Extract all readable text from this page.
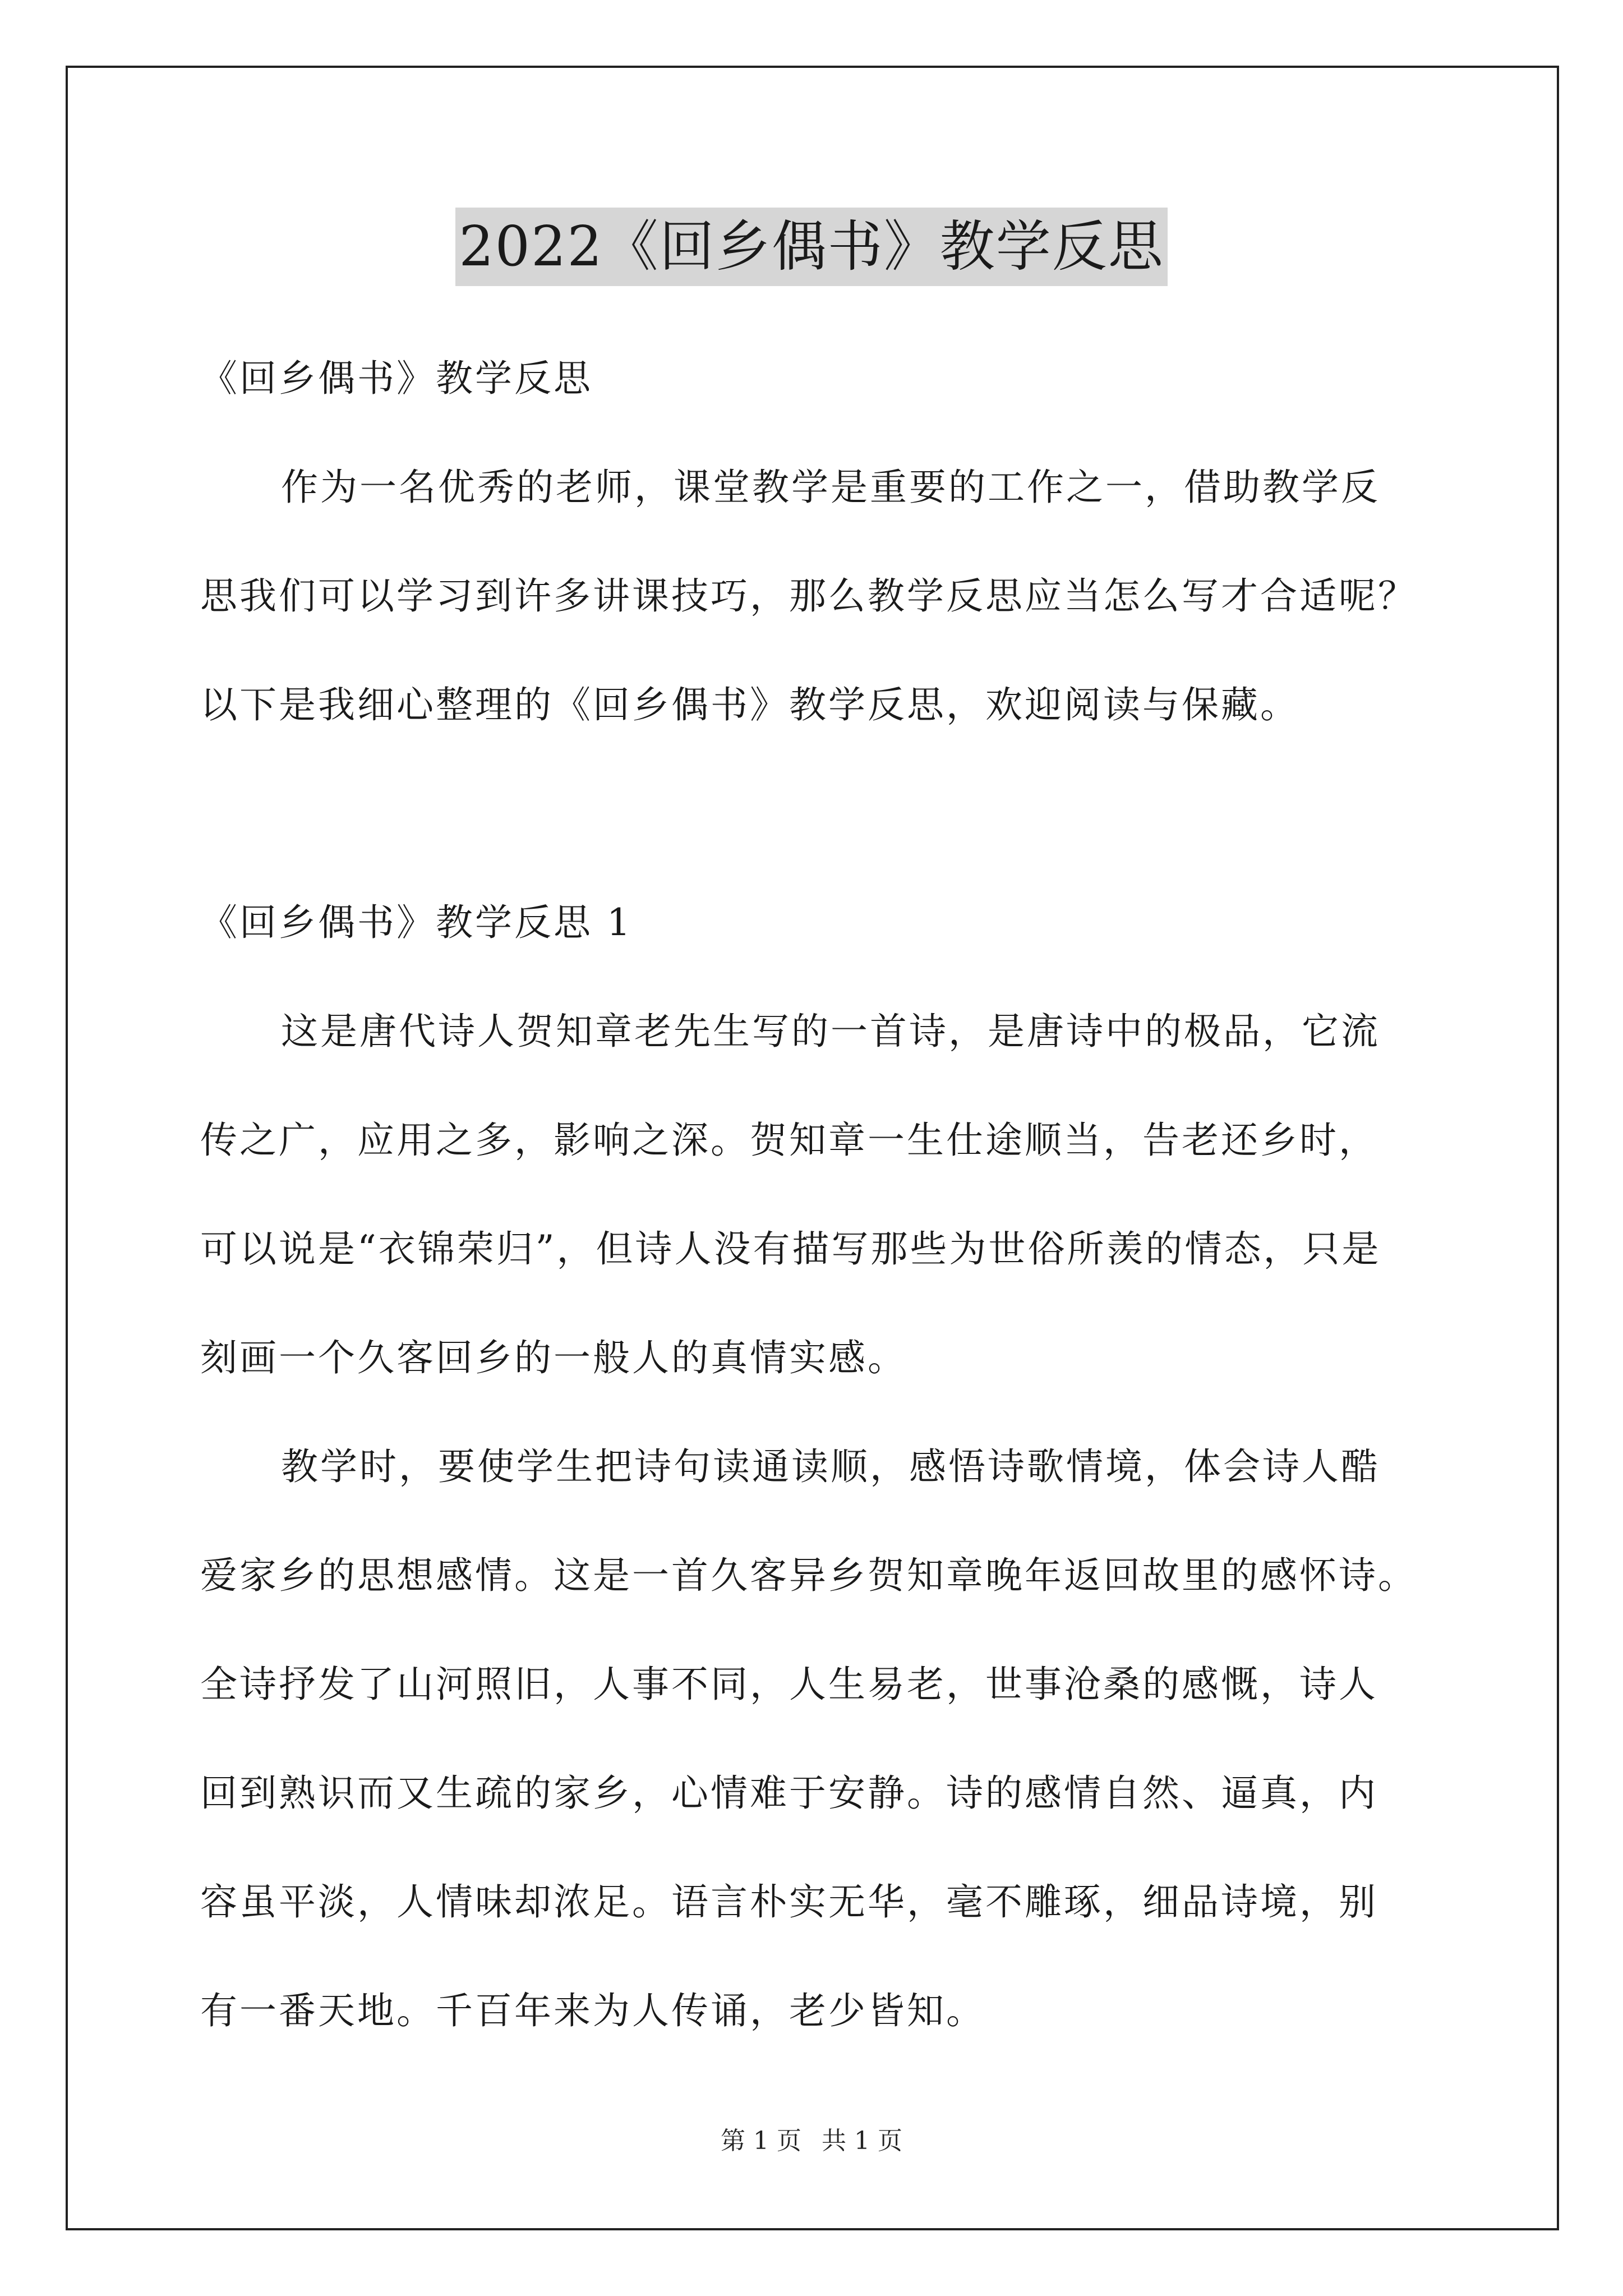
2022《回乡偶书》教学反思
《回乡偶书》教学反思
作为一名优秀的老师，课堂教学是重要的工作之一，借助教学反
思我们可以学习到许多讲课技巧，那么教学反思应当怎么写才合适呢？
以下是我细心整理的《回乡偶书》教学反思，欢迎阅读与保藏。
《回乡偶书》教学反思 1
这是唐代诗人贺知章老先生写的一首诗，是唐诗中的极品，它流
传之广，应用之多，影响之深。贺知章一生仕途顺当，告老还乡时，
可以说是“衣锦荣归”，但诗人没有描写那些为世俗所羡的情态，只是
刻画一个久客回乡的一般人的真情实感。
教学时，要使学生把诗句读通读顺，感悟诗歌情境，体会诗人酷
爱家乡的思想感情。这是一首久客异乡贺知章晚年返回故里的感怀诗。
全诗抒发了山河照旧，人事不同，人生易老，世事沧桑的感慨，诗人
回到熟识而又生疏的家乡，心情难于安静。诗的感情自然、逼真，内
容虽平淡，人情味却浓足。语言朴实无华，毫不雕琢，细品诗境，别
有一番天地。千百年来为人传诵，老少皆知。
第 1 页 共 1 页
